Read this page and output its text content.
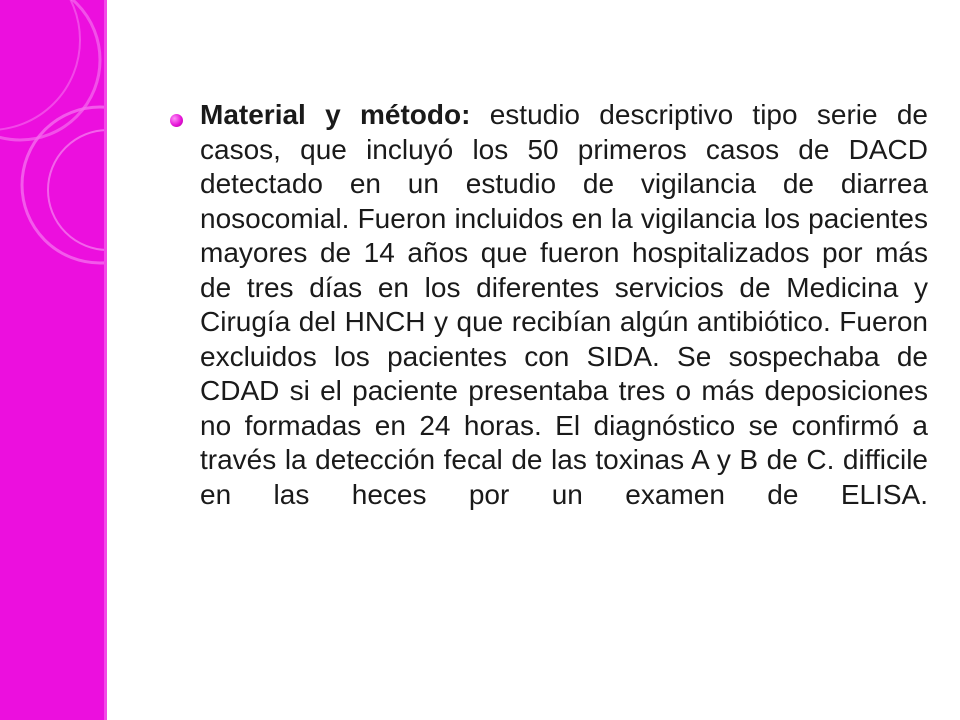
Material y método: estudio descriptivo tipo serie de casos, que incluyó los 50 primeros casos de DACD detectado en un estudio de vigilancia de diarrea nosocomial. Fueron incluidos en la vigilancia los pacientes mayores de 14 años que fueron hospitalizados por más de tres días en los diferentes servicios de Medicina y Cirugía del HNCH y que recibían algún antibiótico. Fueron excluidos los pacientes con SIDA. Se sospechaba de CDAD si el paciente presentaba tres o más deposiciones no formadas en 24 horas. El diagnóstico se confirmó a través la detección fecal de las toxinas A y B de C. difficile en las heces por un examen de ELISA.
